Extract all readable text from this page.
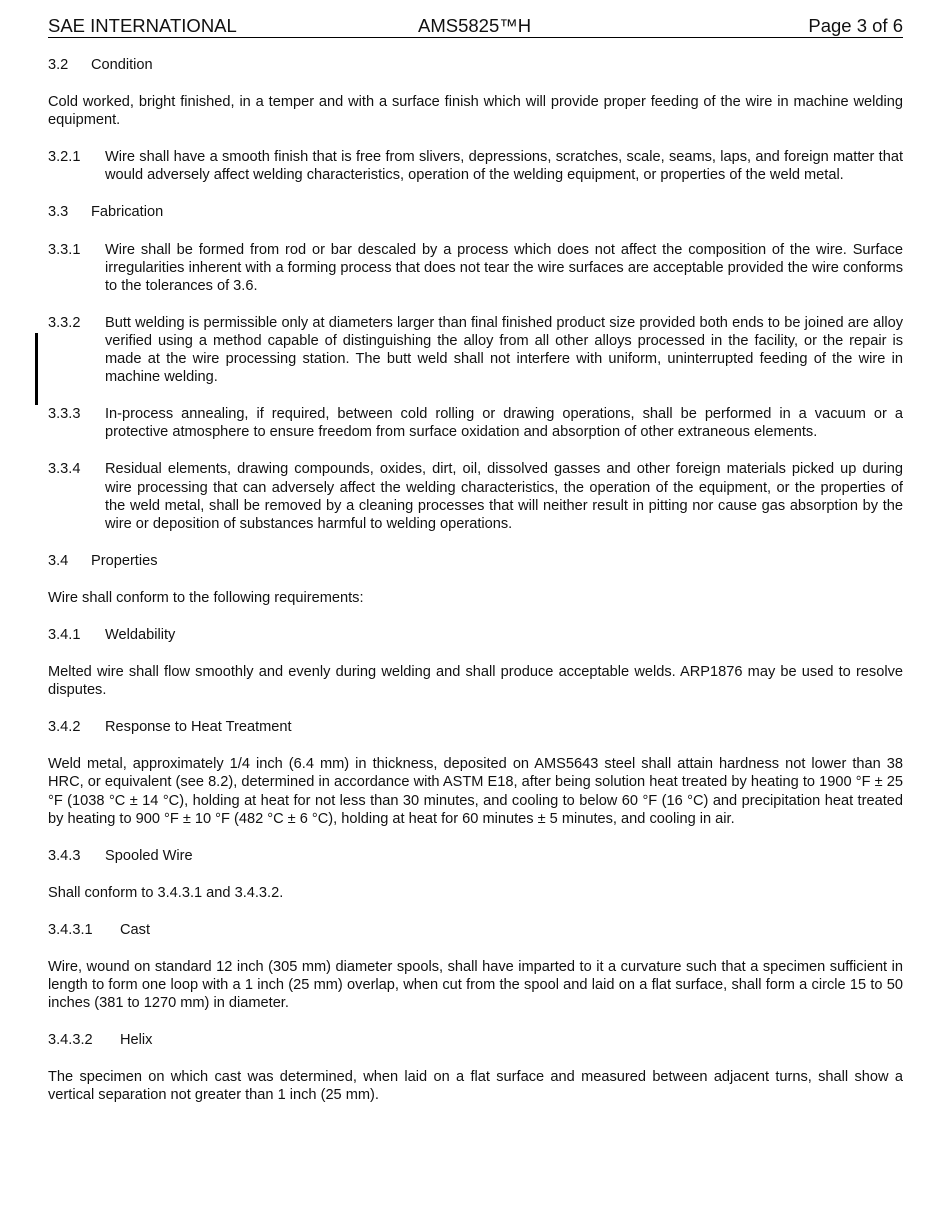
SAE INTERNATIONAL	AMS5825™H	Page 3 of 6
3.2 Condition
Cold worked, bright finished, in a temper and with a surface finish which will provide proper feeding of the wire in machine welding equipment.
3.2.1	Wire shall have a smooth finish that is free from slivers, depressions, scratches, scale, seams, laps, and foreign matter that would adversely affect welding characteristics, operation of the welding equipment, or properties of the weld metal.
3.3 Fabrication
3.3.1	Wire shall be formed from rod or bar descaled by a process which does not affect the composition of the wire. Surface irregularities inherent with a forming process that does not tear the wire surfaces are acceptable provided the wire conforms to the tolerances of 3.6.
3.3.2	Butt welding is permissible only at diameters larger than final finished product size provided both ends to be joined are alloy verified using a method capable of distinguishing the alloy from all other alloys processed in the facility, or the repair is made at the wire processing station. The butt weld shall not interfere with uniform, uninterrupted feeding of the wire in machine welding.
3.3.3	In-process annealing, if required, between cold rolling or drawing operations, shall be performed in a vacuum or a protective atmosphere to ensure freedom from surface oxidation and absorption of other extraneous elements.
3.3.4	Residual elements, drawing compounds, oxides, dirt, oil, dissolved gasses and other foreign materials picked up during wire processing that can adversely affect the welding characteristics, the operation of the equipment, or the properties of the weld metal, shall be removed by a cleaning processes that will neither result in pitting nor cause gas absorption by the wire or deposition of substances harmful to welding operations.
3.4 Properties
Wire shall conform to the following requirements:
3.4.1 Weldability
Melted wire shall flow smoothly and evenly during welding and shall produce acceptable welds. ARP1876 may be used to resolve disputes.
3.4.2 Response to Heat Treatment
Weld metal, approximately 1/4 inch (6.4 mm) in thickness, deposited on AMS5643 steel shall attain hardness not lower than 38 HRC, or equivalent (see 8.2), determined in accordance with ASTM E18, after being solution heat treated by heating to 1900 °F ± 25 °F (1038 °C ± 14 °C), holding at heat for not less than 30 minutes, and cooling to below 60 °F (16 °C) and precipitation heat treated by heating to 900 °F ± 10 °F (482 °C ± 6 °C), holding at heat for 60 minutes ± 5 minutes, and cooling in air.
3.4.3 Spooled Wire
Shall conform to 3.4.3.1 and 3.4.3.2.
3.4.3.1 Cast
Wire, wound on standard 12 inch (305 mm) diameter spools, shall have imparted to it a curvature such that a specimen sufficient in length to form one loop with a 1 inch (25 mm) overlap, when cut from the spool and laid on a flat surface, shall form a circle 15 to 50 inches (381 to 1270 mm) in diameter.
3.4.3.2 Helix
The specimen on which cast was determined, when laid on a flat surface and measured between adjacent turns, shall show a vertical separation not greater than 1 inch (25 mm).
